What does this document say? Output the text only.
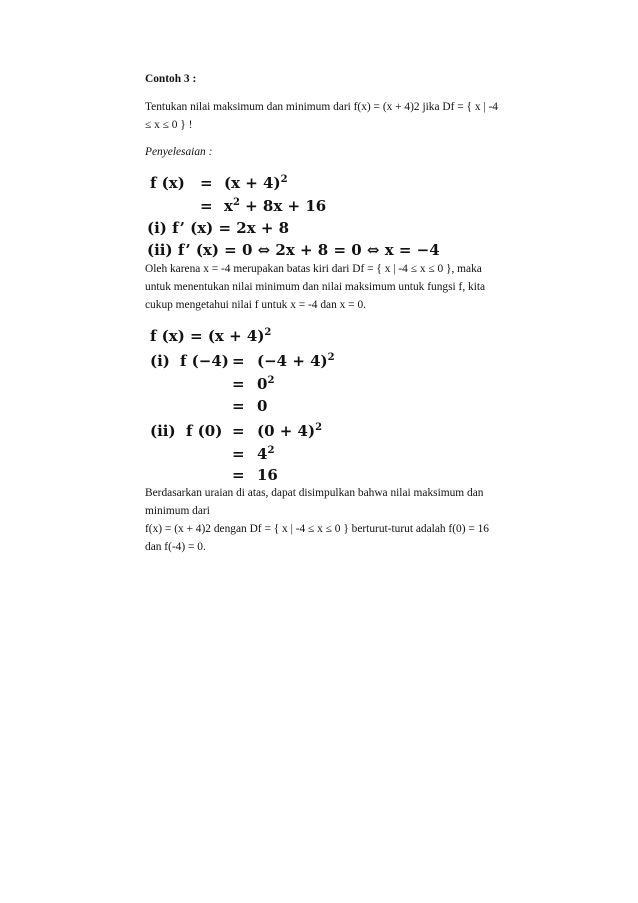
Contoh 3 :
Tentukan nilai maksimum dan minimum dari f(x) = (x + 4)2 jika Df = { x | -4
≤ x ≤ 0 } !
Penyelesaian :
f $(x) = (x + 4)^2$
= $x^2 + 8x + 16$
(i) f’ (x) = 2x + 8
(ii) f’ (x) = 0 ⇔ 2x + 8 = 0 ⇔ x = −4
Oleh karena x = -4 merupakan batas kiri dari Df = { x | -4 ≤ x ≤ 0 }, maka
untuk menentukan nilai minimum dan nilai maksimum untuk fungsi f, kita
cukup mengetahui nilai f untuk x = -4 dan x = 0.
f $(x) = (x + 4)^2$
(i) f $(-4) = (-4 + 4)^2$
= $0^2$
= 0
(ii) f $(0) = (0 + 4)^2$
= $4^2$
= 16
Berdasarkan uraian di atas, dapat disimpulkan bahwa nilai maksimum dan
minimum dari
f(x) = (x + 4)2 dengan Df = { x | -4 ≤ x ≤ 0 } berturut-turut adalah f(0) = 16
dan f(-4) = 0.
